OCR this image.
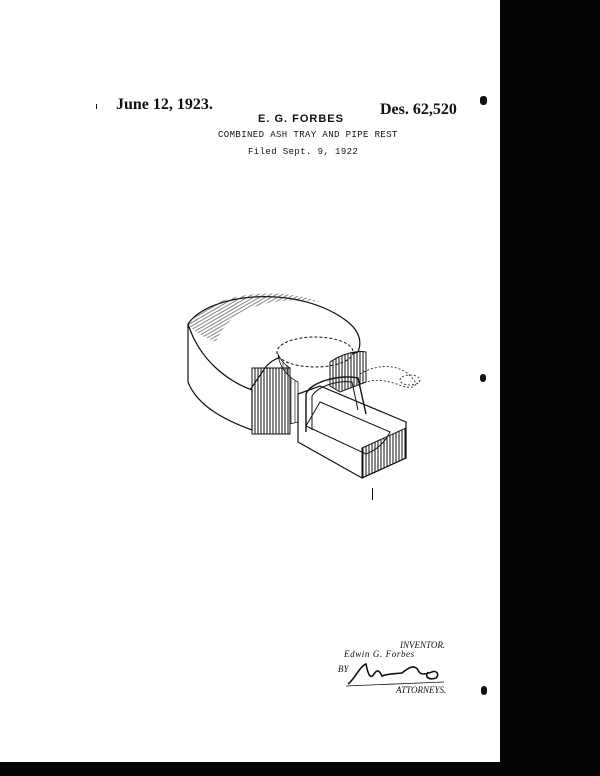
June 12, 1923.	Des. 62,520
E. G. FORBES
COMBINED ASH TRAY AND PIPE REST
Filed Sept. 9, 1922
INVENTOR.
Edwin G. Forbes
BY
ATTORNEYS.
